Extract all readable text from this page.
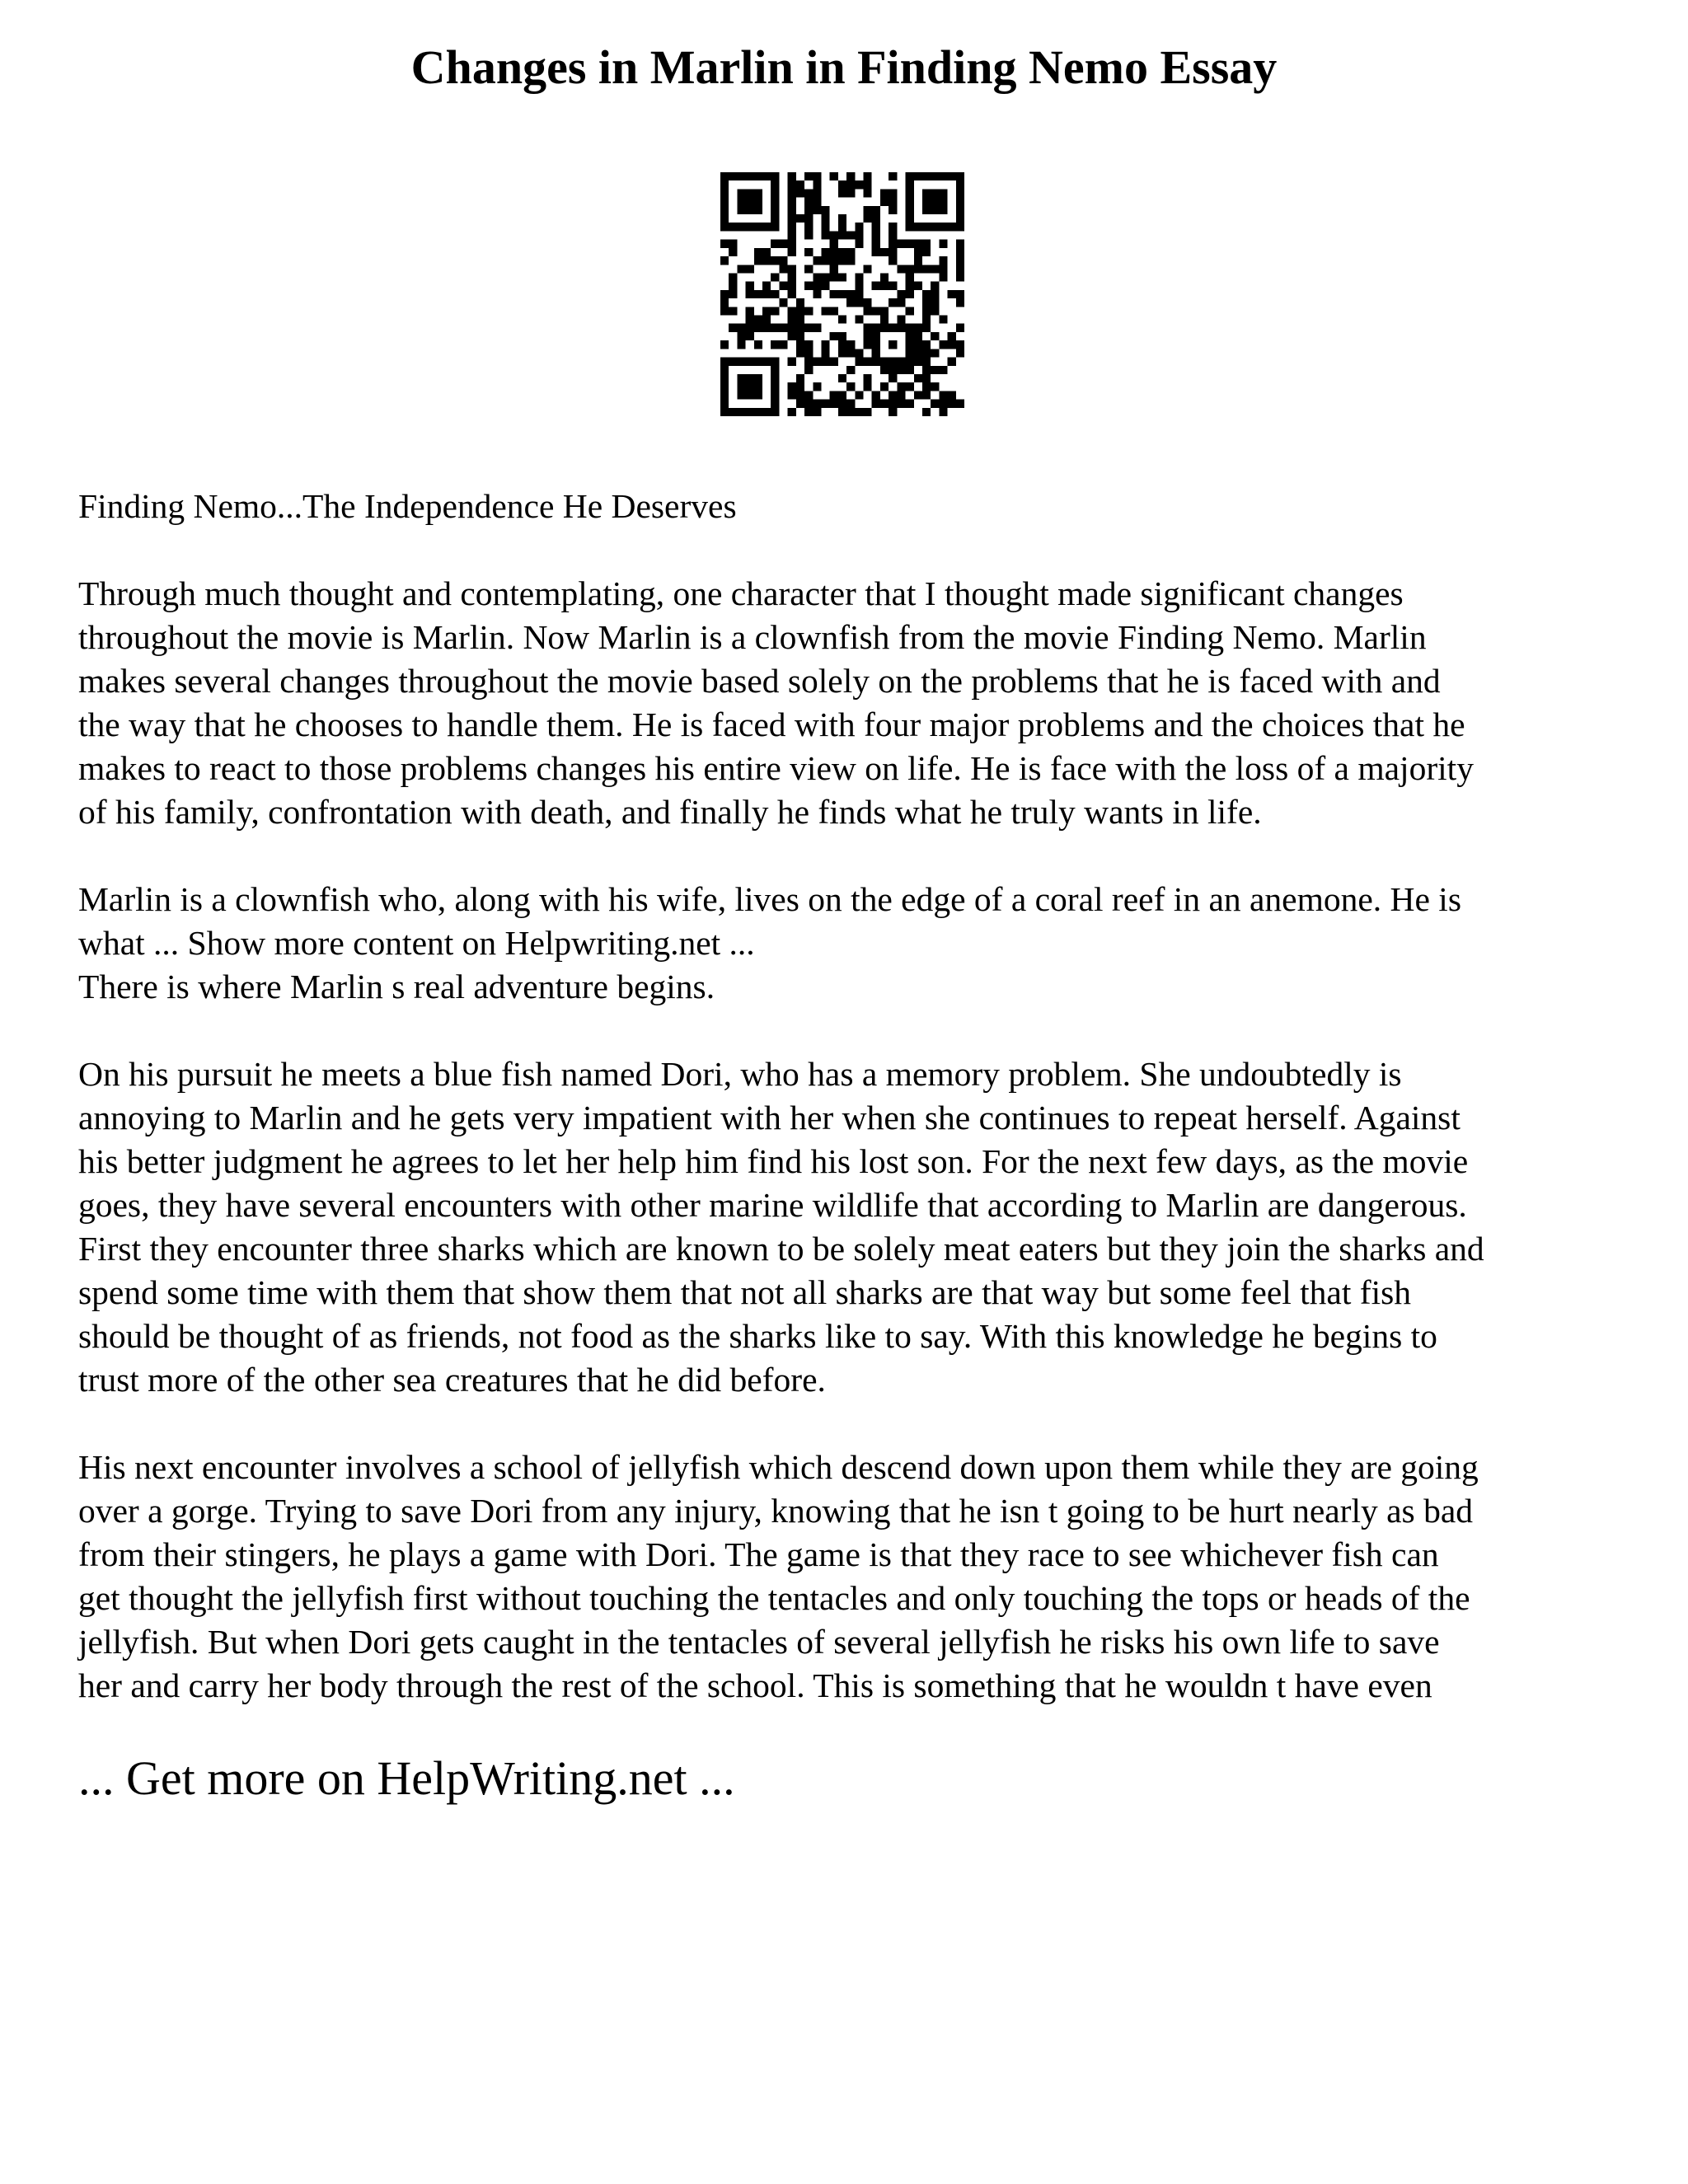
Changes in Marlin in Finding Nemo Essay

Finding Nemo...The Independence He Deserves

Through much thought and contemplating, one character that I thought made significant changes
throughout the movie is Marlin. Now Marlin is a clownfish from the movie Finding Nemo. Marlin
makes several changes throughout the movie based solely on the problems that he is faced with and
the way that he chooses to handle them. He is faced with four major problems and the choices that he
makes to react to those problems changes his entire view on life. He is face with the loss of a majority
of his family, confrontation with death, and finally he finds what he truly wants in life.

Marlin is a clownfish who, along with his wife, lives on the edge of a coral reef in an anemone. He is
what ... Show more content on Helpwriting.net ...

There is where Marlin s real adventure begins.

On his pursuit he meets a blue fish named Dori, who has a memory problem. She undoubtedly is
annoying to Marlin and he gets very impatient with her when she continues to repeat herself. Against
his better judgment he agrees to let her help him find his lost son. For the next few days, as the movie
goes, they have several encounters with other marine wildlife that according to Marlin are dangerous.
First they encounter three sharks which are known to be solely meat eaters but they join the sharks and
spend some time with them that show them that not all sharks are that way but some feel that fish
should be thought of as friends, not food as the sharks like to say. With this knowledge he begins to
trust more of the other sea creatures that he did before.

His next encounter involves a school of jellyfish which descend down upon them while they are going
over a gorge. Trying to save Dori from any injury, knowing that he isn t going to be hurt nearly as bad
from their stingers, he plays a game with Dori. The game is that they race to see whichever fish can
get thought the jellyfish first without touching the tentacles and only touching the tops or heads of the
jellyfish. But when Dori gets caught in the tentacles of several jellyfish he risks his own life to save
her and carry her body through the rest of the school. This is something that he wouldn t have even

... Get more on HelpWriting.net ...
